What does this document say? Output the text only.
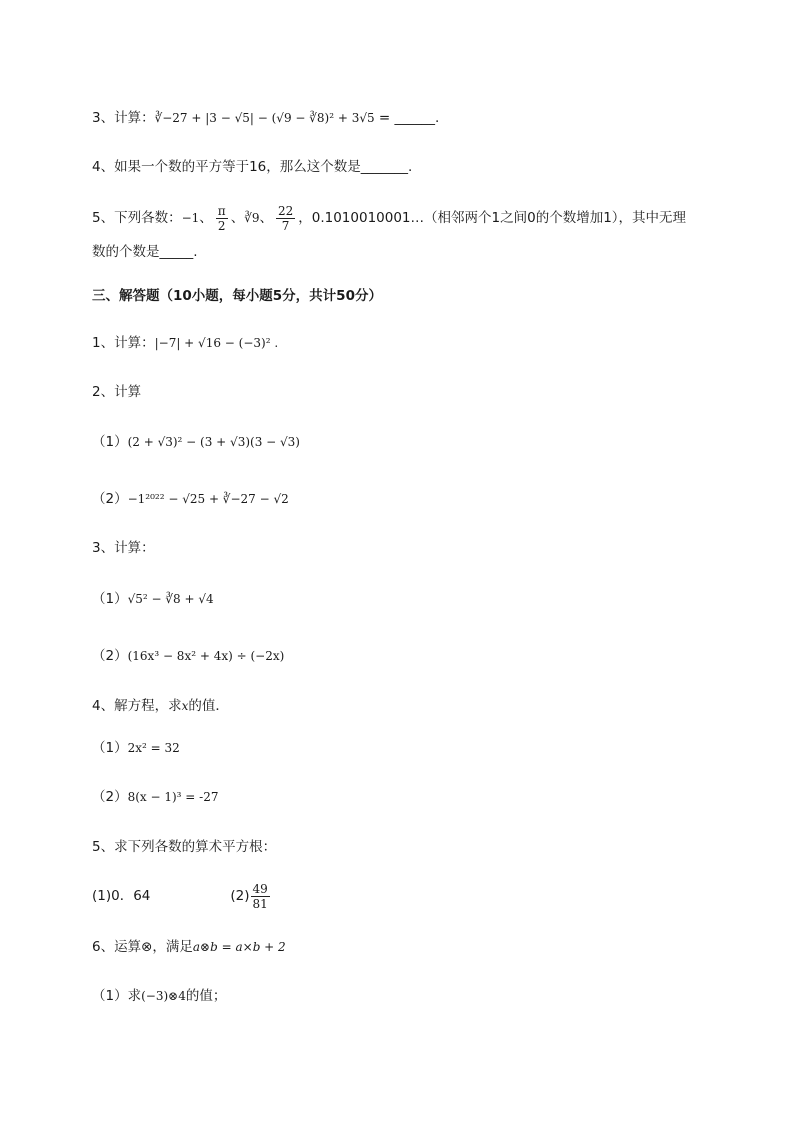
3、计算：∛−27 + |3 − √5| − (√9 − ∛8)² + 3√5 = ______.
4、如果一个数的平方等于16，那么这个数是_______.
5、下列各数：−1、 $\frac{\pi}{2}$ 、∛9、 $\frac{22}{7}$ ，0.1010010001…（相邻两个1之间0的个数增加1），其中无理
数的个数是_____.
三、解答题（10小题，每小题5分，共计50分）
1、计算：|−7| + √16 − (−3)² .
2、计算
（1）(2 + √3)² − (3 + √3)(3 − √3)
（2）−1²⁰²² − √25 + ∛−27 − √2
3、计算：
（1）√5² − ∛8 + √4
（2）(16x³ − 8x² + 4x) ÷ (−2x)
4、解方程，求x的值．
（1）2x² = 32
（2）8(x − 1)³ = -27
5、求下列各数的算术平方根：
(1)0．64	$(2) \frac{49}{81}$
6、运算⊗，满足a⊗b = a×b + 2
（1）求(−3)⊗4的值；
